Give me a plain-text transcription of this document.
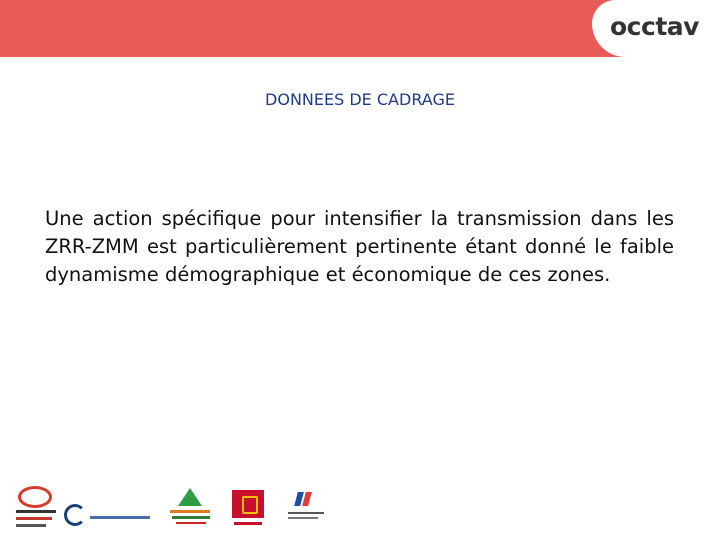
occtav
DONNEES DE CADRAGE
Une action spécifique pour intensifier la transmission dans les ZRR-ZMM est particulièrement pertinente étant donné le faible dynamisme démographique et économique de ces zones.
